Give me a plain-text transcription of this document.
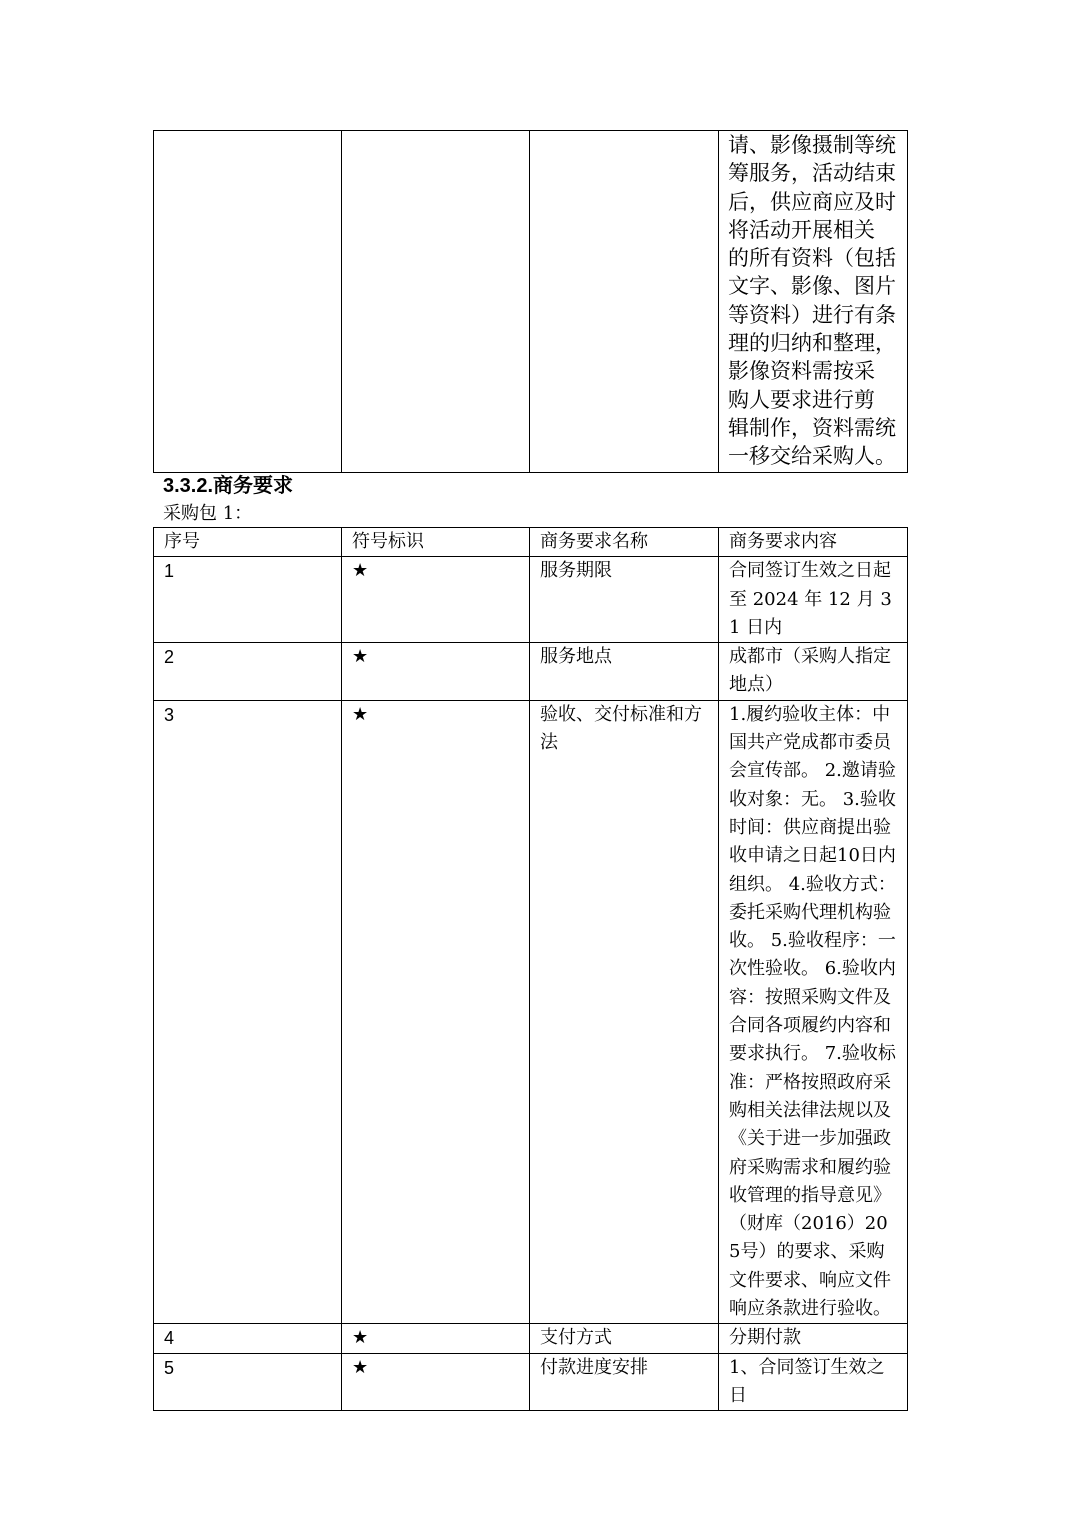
请、影像摄制等统
筹服务，活动结束
后，供应商应及时
将活动开展相关
的所有资料（包括
文字、影像、图片
等资料）进行有条
理的归纳和整理，
影像资料需按采
购人要求进行剪
辑制作，资料需统
一移交给采购人。
3.3.2.商务要求

采购包 1：

序号	符号标识	商务要求名称	商务要求内容
1	★	服务期限	合同签订生效之日起至 2024 年 12 月 31 日内
2	★	服务地点	成都市（采购人指定地点）
3	★	验收、交付标准和方法	1.履约验收主体：中国共产党成都市委员会宣传部。 2.邀请验收对象：无。 3.验收时间：供应商提出验收申请之日起10日内组织。 4.验收方式：委托采购代理机构验收。 5.验收程序：一次性验收。 6.验收内容：按照采购文件及合同各项履约内容和要求执行。 7.验收标准：严格按照政府采购相关法律法规以及《关于进一步加强政府采购需求和履约验收管理的指导意见》（财库（2016）205号）的要求、采购文件要求、响应文件响应条款进行验收。
4	★	支付方式	分期付款
5	★	付款进度安排	1、合同签订生效之日
